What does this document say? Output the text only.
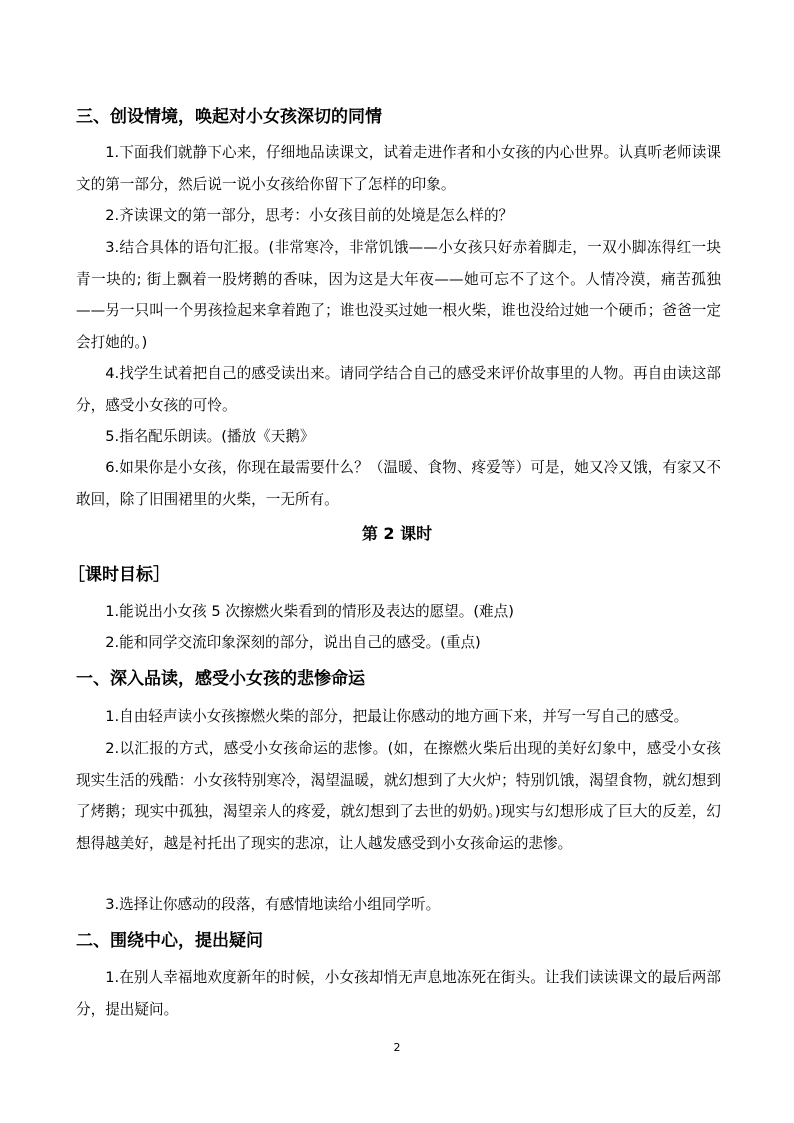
三、创设情境，唤起对小女孩深切的同情
1.下面我们就静下心来，仔细地品读课文，试着走进作者和小女孩的内心世界。认真听老师读课文的第一部分，然后说一说小女孩给你留下了怎样的印象。
2.齐读课文的第一部分，思考：小女孩目前的处境是怎么样的？
3.结合具体的语句汇报。(非常寒冷，非常饥饿——小女孩只好赤着脚走，一双小脚冻得红一块青一块的; 街上飘着一股烤鹅的香味，因为这是大年夜——她可忘不了这个。人情冷漠，痛苦孤独——另一只叫一个男孩捡起来拿着跑了；谁也没买过她一根火柴，谁也没给过她一个硬币；爸爸一定会打她的。)
4.找学生试着把自己的感受读出来。请同学结合自己的感受来评价故事里的人物。再自由读这部分，感受小女孩的可怜。
5.指名配乐朗读。(播放《天鹅》
6.如果你是小女孩，你现在最需要什么？（温暖、食物、疼爱等）可是，她又冷又饿，有家又不敢回，除了旧围裙里的火柴，一无所有。
第 2 课时
［课时目标］
1.能说出小女孩 5 次擦燃火柴看到的情形及表达的愿望。(难点)
2.能和同学交流印象深刻的部分，说出自己的感受。(重点)
一、深入品读，感受小女孩的悲惨命运
1.自由轻声读小女孩擦燃火柴的部分，把最让你感动的地方画下来，并写一写自己的感受。
2.以汇报的方式，感受小女孩命运的悲惨。(如，在擦燃火柴后出现的美好幻象中，感受小女孩现实生活的残酷：小女孩特别寒冷，渴望温暖，就幻想到了大火炉；特别饥饿，渴望食物，就幻想到了烤鹅；现实中孤独，渴望亲人的疼爱，就幻想到了去世的奶奶。)现实与幻想形成了巨大的反差，幻想得越美好，越是衬托出了现实的悲凉，让人越发感受到小女孩命运的悲惨。
3.选择让你感动的段落，有感情地读给小组同学听。
二、围绕中心，提出疑问
1.在别人幸福地欢度新年的时候，小女孩却悄无声息地冻死在街头。让我们读读课文的最后两部分，提出疑问。
2
